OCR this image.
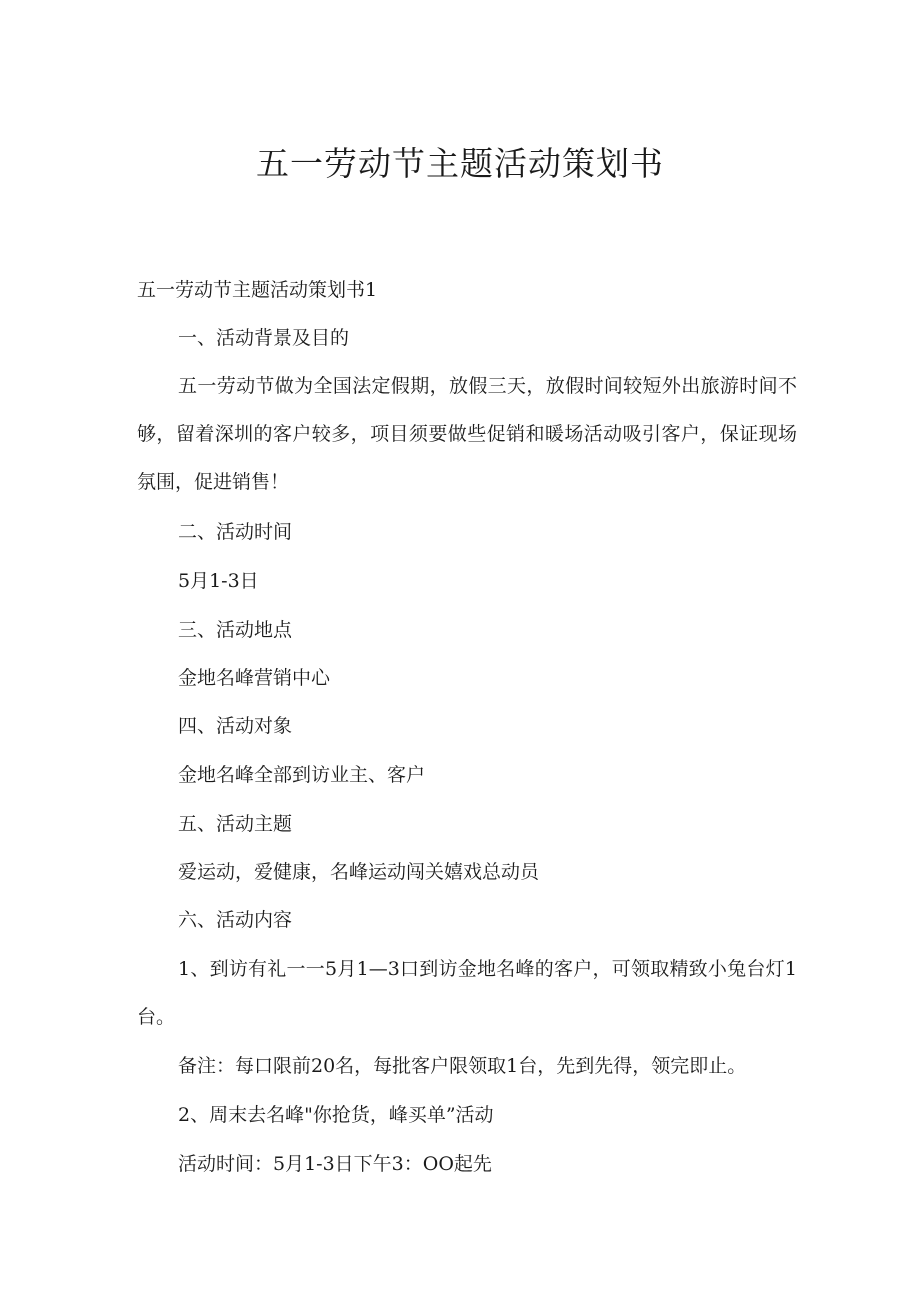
五一劳动节主题活动策划书

五一劳动节主题活动策划书1

一、活动背景及目的

五一劳动节做为全国法定假期，放假三天，放假时间较短外出旅游时间不够，留着深圳的客户较多，项目须要做些促销和暖场活动吸引客户，保证现场氛围，促进销售！

二、活动时间

5月1-3日

三、活动地点

金地名峰营销中心

四、活动对象

金地名峰全部到访业主、客户

五、活动主题

爱运动，爱健康，名峰运动闯关嬉戏总动员

六、活动内容

1、到访有礼一一5月1—3口到访金地名峰的客户，可领取精致小兔台灯1台。

备注：每口限前20名，每批客户限领取1台，先到先得，领完即止。

2、周末去名峰"你抢货，峰买单”活动

活动时间：5月1-3日下午3：OO起先
